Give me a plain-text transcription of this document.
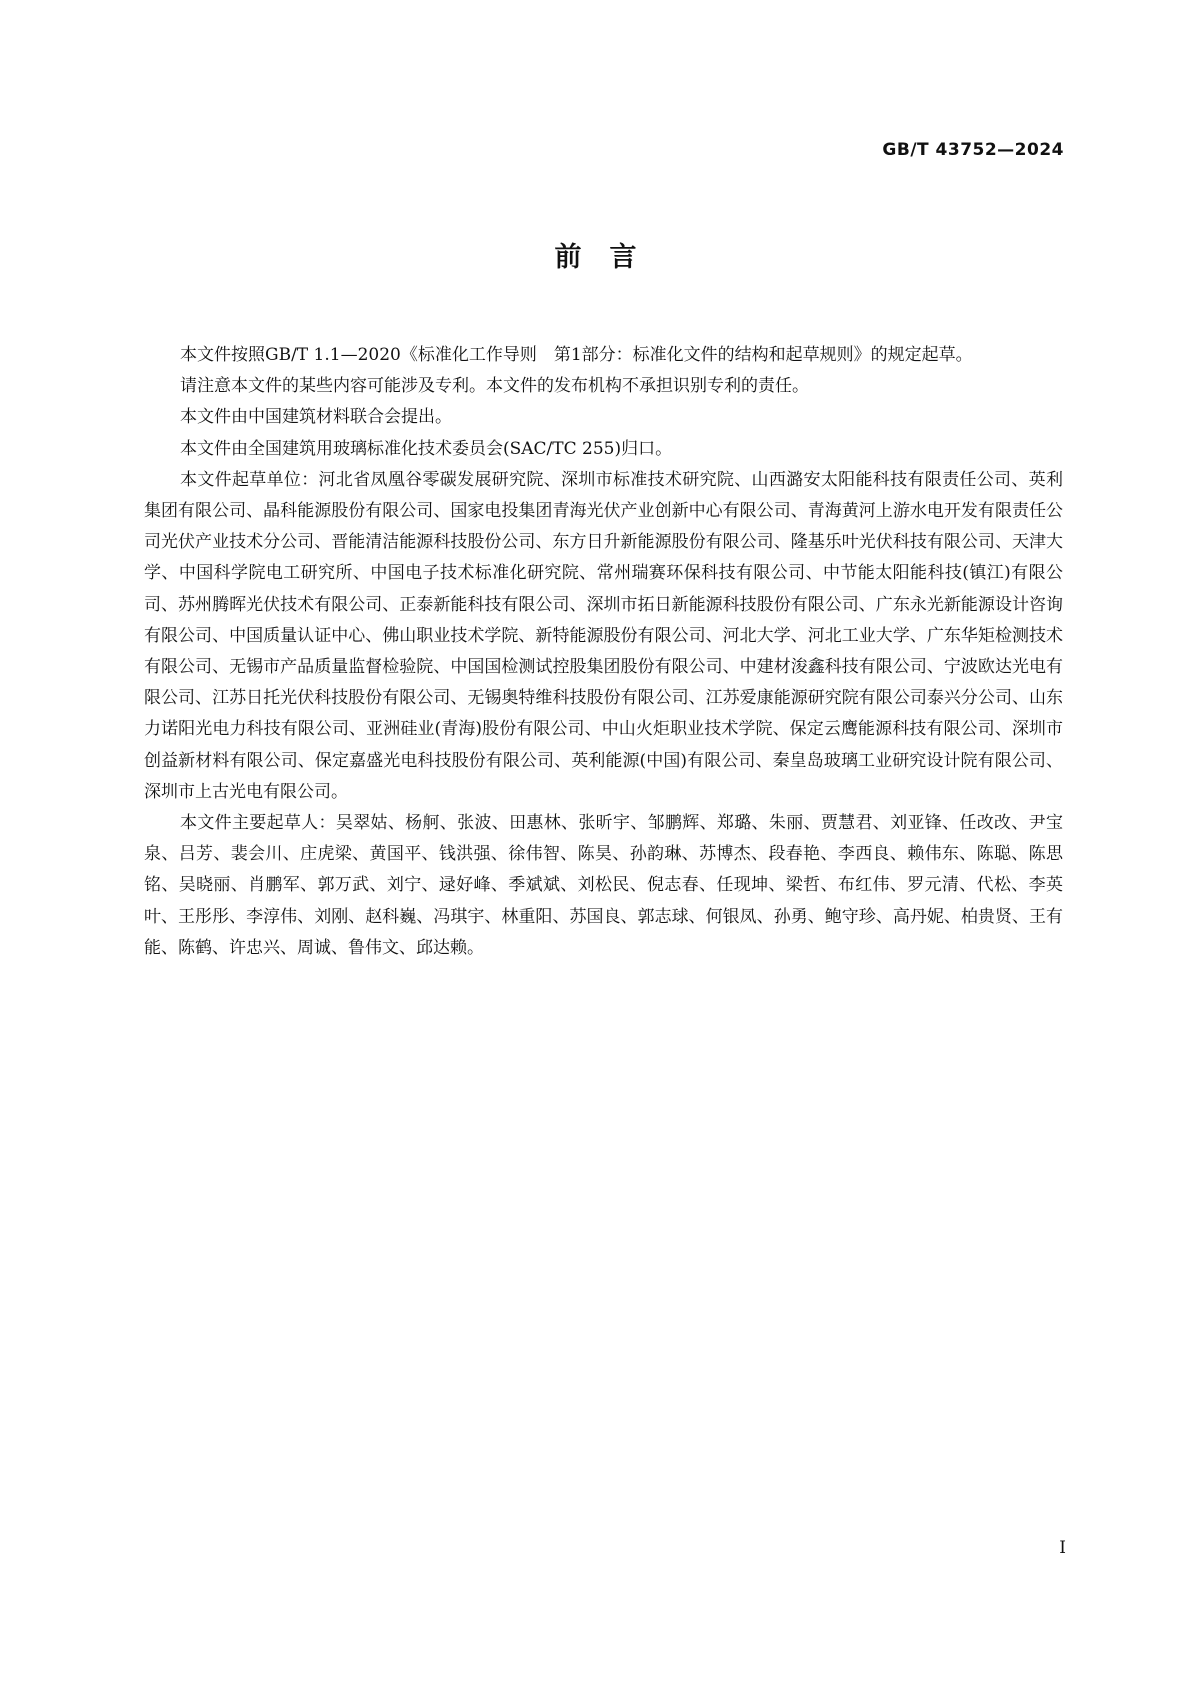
GB/T 43752—2024
前言

本文件按照GB/T 1.1—2020《标准化工作导则　第1部分：标准化文件的结构和起草规则》的规定起草。

请注意本文件的某些内容可能涉及专利。本文件的发布机构不承担识别专利的责任。

本文件由中国建筑材料联合会提出。

本文件由全国建筑用玻璃标准化技术委员会(SAC/TC 255)归口。

本文件起草单位：河北省凤凰谷零碳发展研究院、深圳市标准技术研究院、山西潞安太阳能科技有限责任公司、英利集团有限公司、晶科能源股份有限公司、国家电投集团青海光伏产业创新中心有限公司、青海黄河上游水电开发有限责任公司光伏产业技术分公司、晋能清洁能源科技股份公司、东方日升新能源股份有限公司、隆基乐叶光伏科技有限公司、天津大学、中国科学院电工研究所、中国电子技术标准化研究院、常州瑞赛环保科技有限公司、中节能太阳能科技(镇江)有限公司、苏州腾晖光伏技术有限公司、正泰新能科技有限公司、深圳市拓日新能源科技股份有限公司、广东永光新能源设计咨询有限公司、中国质量认证中心、佛山职业技术学院、新特能源股份有限公司、河北大学、河北工业大学、广东华矩检测技术有限公司、无锡市产品质量监督检验院、中国国检测试控股集团股份有限公司、中建材浚鑫科技有限公司、宁波欧达光电有限公司、江苏日托光伏科技股份有限公司、无锡奥特维科技股份有限公司、江苏爱康能源研究院有限公司泰兴分公司、山东力诺阳光电力科技有限公司、亚洲硅业(青海)股份有限公司、中山火炬职业技术学院、保定云鹰能源科技有限公司、深圳市创益新材料有限公司、保定嘉盛光电科技股份有限公司、英利能源(中国)有限公司、秦皇岛玻璃工业研究设计院有限公司、深圳市上古光电有限公司。

本文件主要起草人：吴翠姑、杨舸、张波、田惠林、张昕宇、邹鹏辉、郑璐、朱丽、贾慧君、刘亚锋、任改改、尹宝泉、吕芳、裴会川、庄虎梁、黄国平、钱洪强、徐伟智、陈昊、孙韵琳、苏博杰、段春艳、李西良、赖伟东、陈聪、陈思铭、吴晓丽、肖鹏军、郭万武、刘宁、逯好峰、季斌斌、刘松民、倪志春、任现坤、梁哲、布红伟、罗元清、代松、李英叶、王彤彤、李淳伟、刘刚、赵科巍、冯琪宇、林重阳、苏国良、郭志球、何银凤、孙勇、鲍守珍、高丹妮、柏贵贤、王有能、陈鹤、许忠兴、周诚、鲁伟文、邱达赖。

I
